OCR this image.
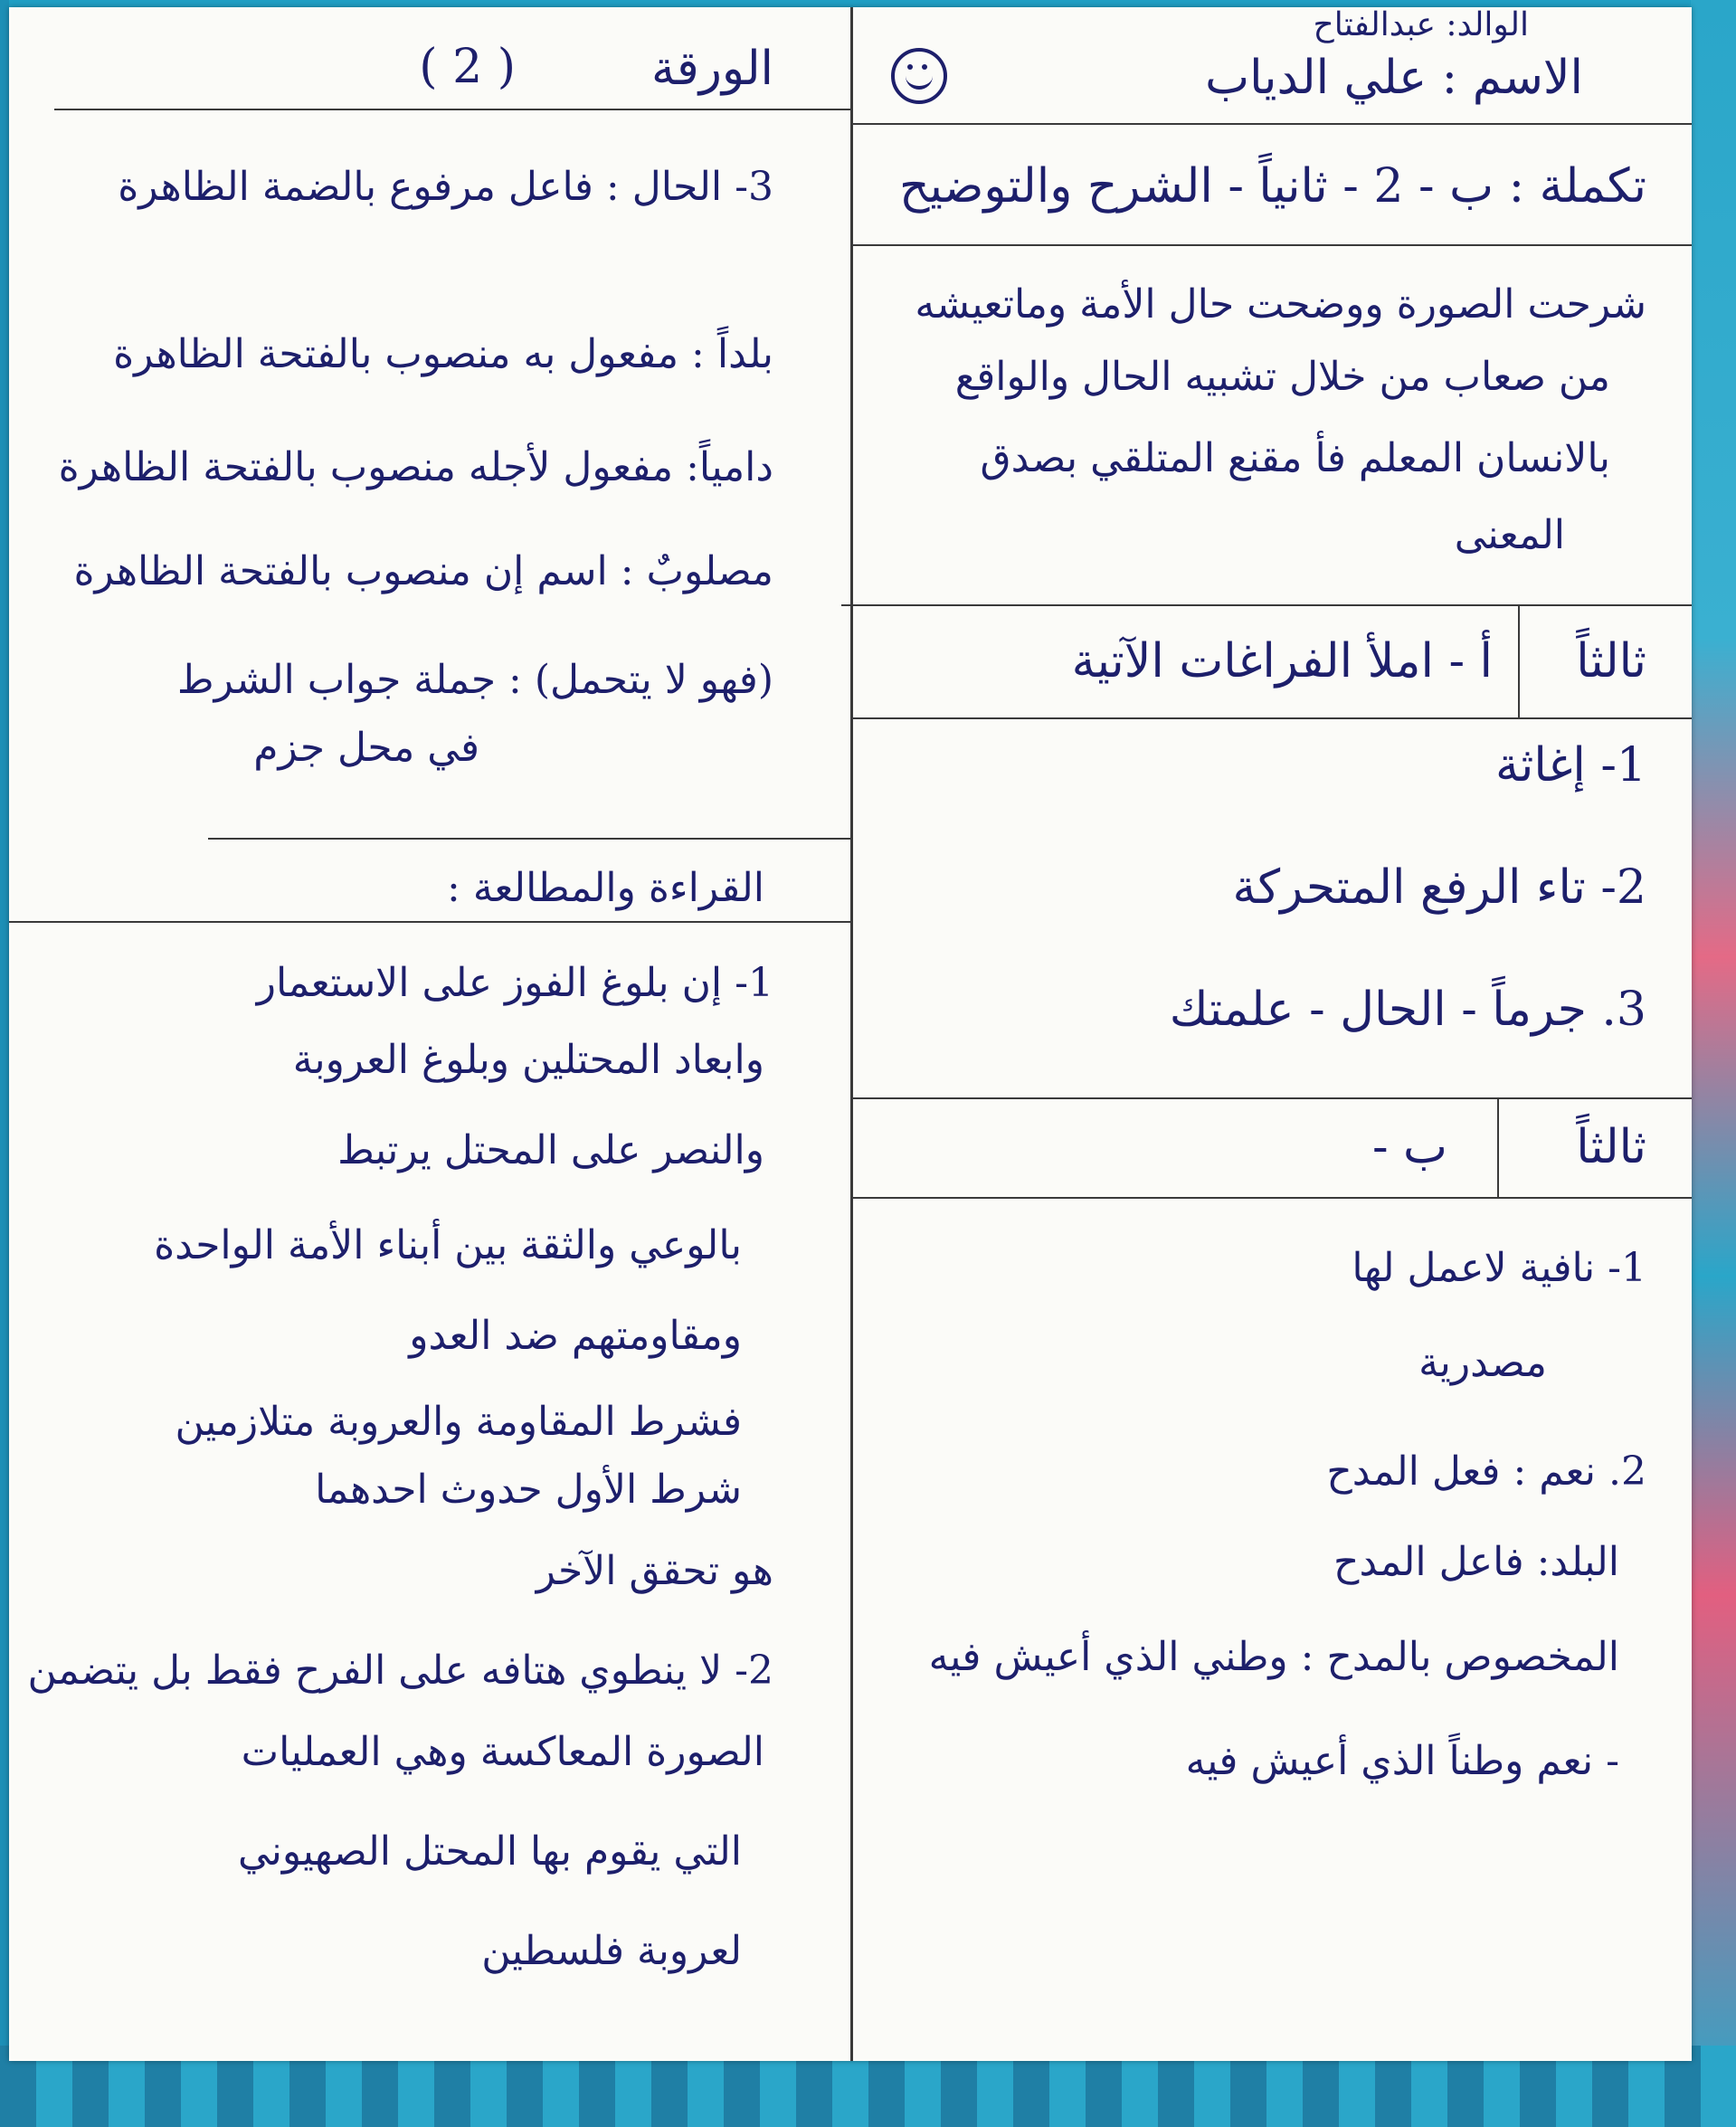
الورقة
( 2 )
الوالد: عبدالفتاح
الاسم : علي الدياب
تكملة : ب - 2 - ثانياً - الشرح والتوضيح
شرحت الصورة ووضحت حال الأمة وماتعيشه
من صعاب من خلال تشبيه الحال والواقع
بالانسان المعلم فأ مقنع المتلقي بصدق
المعنى
ثالثاً
أ - املأ الفراغات الآتية
1- إغاثة
2- تاء الرفع المتحركة
3. جرماً - الحال - علمتك
ثالثاً
ب -
1- نافية لاعمل لها
مصدرية
2. نعم : فعل المدح
البلد: فاعل المدح
المخصوص بالمدح : وطني الذي أعيش فيه
- نعم وطناً الذي أعيش فيه
3- الحال : فاعل مرفوع بالضمة الظاهرة
بلداً : مفعول به منصوب بالفتحة الظاهرة
دامياً: مفعول لأجله منصوب بالفتحة الظاهرة
مصلوبٌ : اسم إن منصوب بالفتحة الظاهرة
(فهو لا يتحمل) : جملة جواب الشرط
في محل جزم
القراءة والمطالعة :
1- إن بلوغ الفوز على الاستعمار
وابعاد المحتلين وبلوغ العروبة
والنصر على المحتل يرتبط
بالوعي والثقة بين أبناء الأمة الواحدة
ومقاومتهم ضد العدو
فشرط المقاومة والعروبة متلازمين
شرط الأول حدوث احدهما
هو تحقق الآخر
2- لا ينطوي هتافه على الفرح فقط بل يتضمن
الصورة المعاكسة وهي العمليات
التي يقوم بها المحتل الصهيوني
لعروبة فلسطين
